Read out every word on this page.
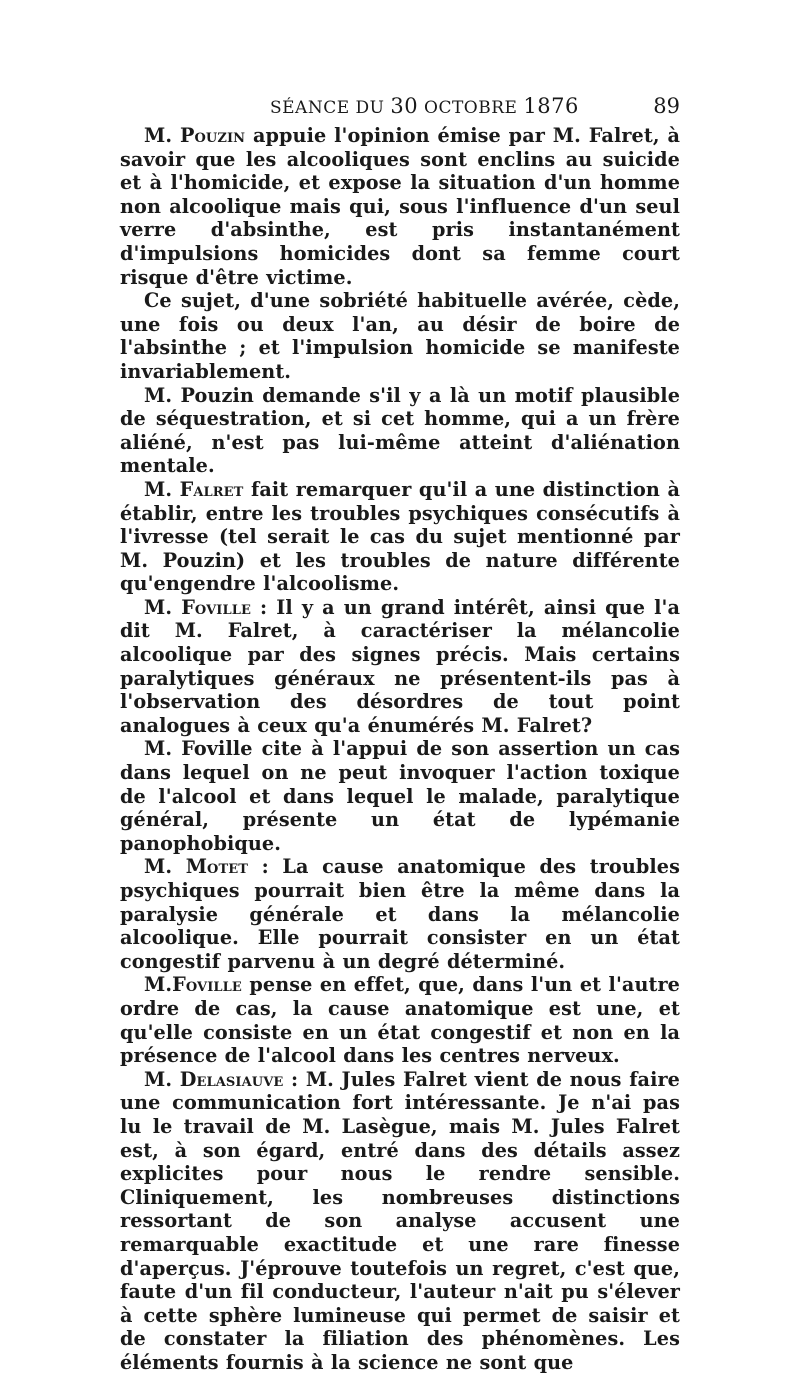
SÉANCE DU 30 OCTOBRE 1876	89

M. Pouzin appuie l'opinion émise par M. Falret, à savoir que les alcooliques sont enclins au suicide et à l'homicide, et expose la situation d'un homme non alcoolique mais qui, sous l'influence d'un seul verre d'absinthe, est pris instantanément d'impulsions homicides dont sa femme court risque d'être victime.

Ce sujet, d'une sobriété habituelle avérée, cède, une fois ou deux l'an, au désir de boire de l'absinthe ; et l'impulsion homicide se manifeste invariablement.

M. Pouzin demande s'il y a là un motif plausible de séquestration, et si cet homme, qui a un frère aliéné, n'est pas lui-même atteint d'aliénation mentale.

M. Falret fait remarquer qu'il a une distinction à établir, entre les troubles psychiques consécutifs à l'ivresse (tel serait le cas du sujet mentionné par M. Pouzin) et les troubles de nature différente qu'engendre l'alcoolisme.

M. Foville : Il y a un grand intérêt, ainsi que l'a dit M. Falret, à caractériser la mélancolie alcoolique par des signes précis. Mais certains paralytiques généraux ne présentent-ils pas à l'observation des désordres de tout point analogues à ceux qu'a énumérés M. Falret?

M. Foville cite à l'appui de son assertion un cas dans lequel on ne peut invoquer l'action toxique de l'alcool et dans lequel le malade, paralytique général, présente un état de lypémanie panophobique.

M. Motet : La cause anatomique des troubles psychiques pourrait bien être la même dans la paralysie générale et dans la mélancolie alcoolique. Elle pourrait consister en un état congestif parvenu à un degré déterminé.

M.Foville pense en effet, que, dans l'un et l'autre ordre de cas, la cause anatomique est une, et qu'elle consiste en un état congestif et non en la présence de l'alcool dans les centres nerveux.

M. Delasiauve : M. Jules Falret vient de nous faire une communication fort intéressante. Je n'ai pas lu le travail de M. Lasègue, mais M. Jules Falret est, à son égard, entré dans des détails assez explicites pour nous le rendre sensible. Cliniquement, les nombreuses distinctions ressortant de son analyse accusent une remarquable exactitude et une rare finesse d'aperçus. J'éprouve toutefois un regret, c'est que, faute d'un fil conducteur, l'auteur n'ait pu s'élever à cette sphère lumineuse qui permet de saisir et de constater la filiation des phénomènes. Les éléments fournis à la science ne sont que
